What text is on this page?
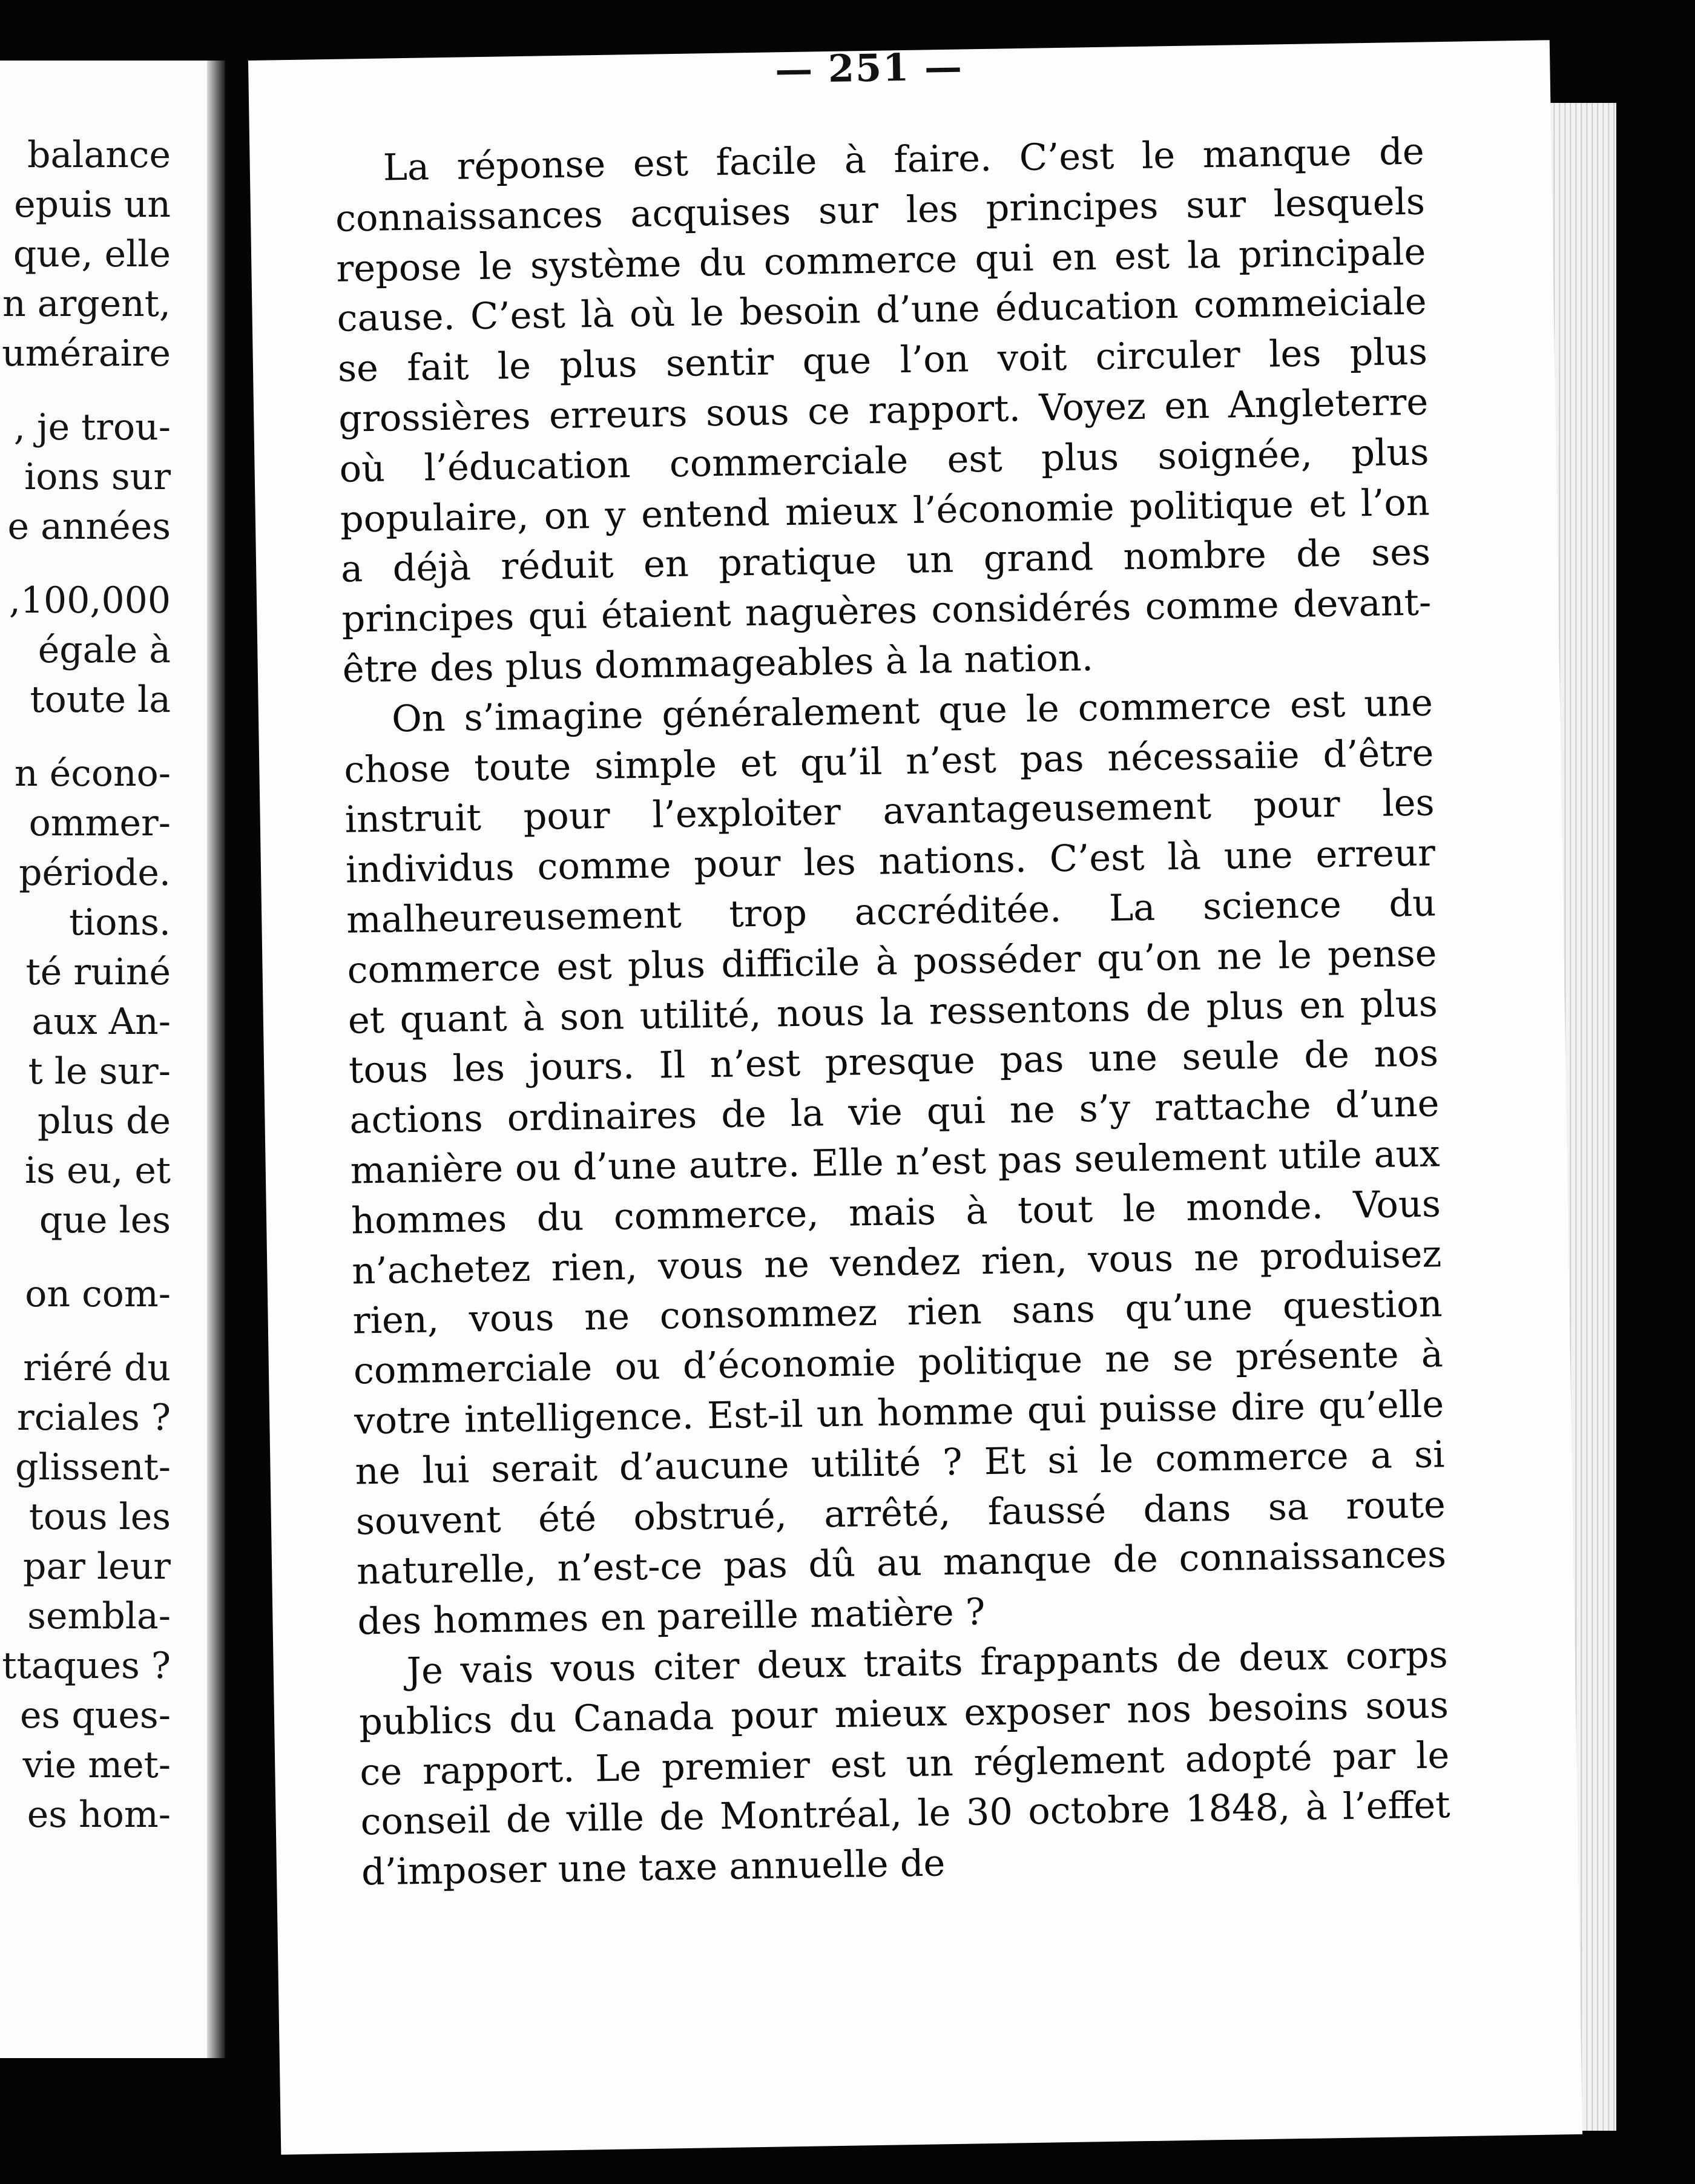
balance
epuis un
que, elle
n argent,
uméraire
, je trou-
ions sur
e années
,100,000
égale à
toute la
n écono-
ommer-
période.
tions.
té ruiné
aux An-
t le sur-
plus de
is eu, et
que les
on com-
riéré du
rciales ?
glissent-
tous les
par leur
sembla-
ttaques ?
es ques-
vie met-
es hom-
— 251 —

La réponse est facile à faire. C’est le manque de connaissances acquises sur les principes sur lesquels repose le système du commerce qui en est la principale cause. C’est là où le besoin d’une éducation commeiciale se fait le plus sentir que l’on voit circuler les plus grossières erreurs sous ce rapport. Voyez en Angleterre où l’éducation commerciale est plus soignée, plus populaire, on y entend mieux l’économie politique et l’on a déjà réduit en pratique un grand nombre de ses principes qui étaient naguères considérés comme devant-être des plus dommageables à la nation.

On s’imagine généralement que le commerce est une chose toute simple et qu’il n’est pas nécessaiie d’être instruit pour l’exploiter avantageusement pour les individus comme pour les nations. C’est là une erreur malheureusement trop accréditée. La science du commerce est plus difficile à posséder qu’on ne le pense et quant à son utilité, nous la ressentons de plus en plus tous les jours. Il n’est presque pas une seule de nos actions ordinaires de la vie qui ne s’y rattache d’une manière ou d’une autre. Elle n’est pas seulement utile aux hommes du commerce, mais à tout le monde. Vous n’achetez rien, vous ne vendez rien, vous ne produisez rien, vous ne consommez rien sans qu’une question commerciale ou d’économie politique ne se présente à votre intelligence. Est-il un homme qui puisse dire qu’elle ne lui serait d’aucune utilité ? Et si le commerce a si souvent été obstrué, arrêté, faussé dans sa route naturelle, n’est-ce pas dû au manque de connaissances des hommes en pareille matière ?

Je vais vous citer deux traits frappants de deux corps publics du Canada pour mieux exposer nos besoins sous ce rapport. Le premier est un réglement adopté par le conseil de ville de Montréal, le 30 octobre 1848, à l’effet d’imposer une taxe annuelle de
